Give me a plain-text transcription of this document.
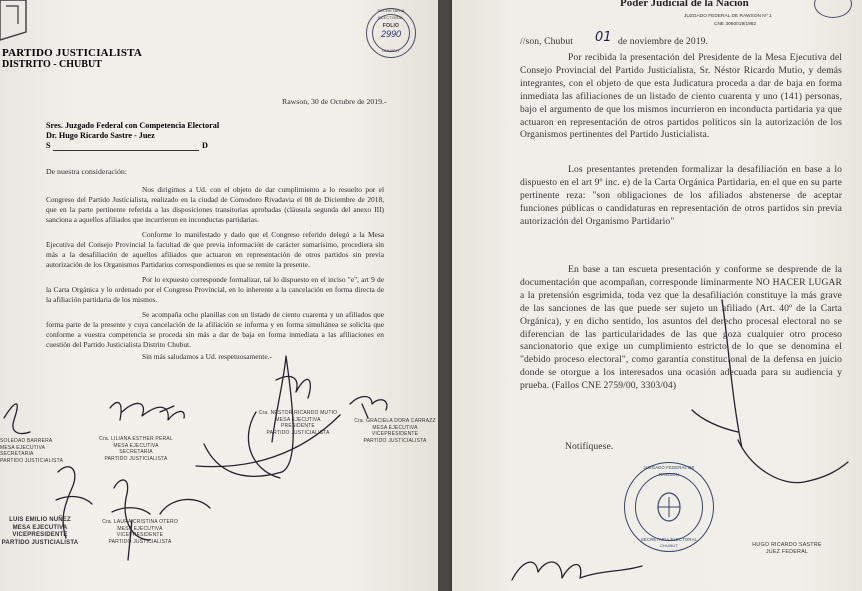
PARTIDO JUSTICIALISTA

DISTRITO - CHUBUT

SECRETARIA ELECTORAL
FOLIO
2990
CHUBUT

Rawson, 30 de Octubre de 2019.-

Sres. Juzgado Federal con Competencia Electoral

Dr. Hugo Ricardo Sastre - Juez

S	D

De nuestra consideración:

Nos dirigimos a Ud. con el objeto de dar cumplimiento a lo resuelto por el Congreso del Partido Justicialista, realizado en la ciudad de Comodoro Rivadavia el 08 de Diciembre de 2018, que en la parte pertinente referida a las disposiciones transitorias aprobadas (cláusula segunda del anexo III) sanciona a aquellos afiliados que incurrieron en inconductas partidarias.

Conforme lo manifestado y dado que el Congreso referido delegó a la Mesa Ejecutiva del Consejo Provincial la facultad de que previa información de carácter sumarísimo, procediera sin más a la desafiliación de aquellos afiliados que actuaron en representación de otros partidos sin previa autorización de los Organismos Partidarios correspondientes es que se remite la presente.

Por lo expuesto corresponde formalizar, tal lo dispuesto en el inciso "e", art 9 de la Carta Orgánica y lo ordenado por el Congreso Provincial, en lo inherente a la cancelación en forma directa de la afiliación partidaria de los mismos.

Se acompaña ocho planillas con un listado de ciento cuarenta y un afiliados que forma parte de la presente y cuya cancelación de la afiliación se informa y en forma simultánea se solicita que conforme a vuestra competencia se proceda sin más a dar de baja en forma inmediata a las afiliaciones en cuestión del Partido Justicialista Distrito Chubut.

Sin más saludamos a Ud. respetuosamente.-

SOLEDAD BARRERA
MESA EJECUTIVA
SECRETARIA
PARTIDO JUSTICIALISTA
Cra. LILIANA ESTHER PERAL
MESA EJECUTIVA
SECRETARIA
PARTIDO JUSTICIALISTA
Cra. NÉSTOR RICARDO MUTIO
MESA EJECUTIVA
PRESIDENTE
PARTIDO JUSTICIALISTA
Cra. GRACIELA DORA CARRAZZ
MESA EJECUTIVA
VICEPRESIDENTE
PARTIDO JUSTICIALISTA
LUIS EMILIO NUÑEZ
MESA EJECUTIVA
VICEPRESIDENTE
PARTIDO JUSTICIALISTA
Cra. LAURA CRISTINA OTERO
MESA EJECUTIVA
VICEPRESIDENTE
PARTIDO JUSTICIALISTA

Poder Judicial de la Nación

JUZGADO FEDERAL DE RAWSON Nº 1

CNE 3060019/1982

//son, Chubut 01 de noviembre de 2019.

Por recibida la presentación del Presidente de la Mesa Ejecutiva del Consejo Provincial del Partido Justicialista, Sr. Néstor Ricardo Mutio, y demás integrantes, con el objeto de que esta Judicatura proceda a dar de baja en forma inmediata las afiliaciones de un listado de ciento cuarenta y uno (141) personas, bajo el argumento de que los mismos incurrieron en inconducta partidaria ya que actuaron en representación de otros partidos políticos sin la autorización de los Organismos pertinentes del Partido Justicialista.

Los presentantes pretenden formalizar la desafiliación en base a lo dispuesto en el art 9º inc. e) de la Carta Orgánica Partidaria, en el que en su parte pertinente reza: "son obligaciones de los afiliados abstenerse de aceptar funciones públicas o candidaturas en representación de otros partidos sin previa autorización del Organismo Partidario"

En base a tan escueta presentación y conforme se desprende de la documentación que acompañan, corresponde liminarmente NO HACER LUGAR a la pretensión esgrimida, toda vez que la desafiliación constituye la más grave de las sanciones de las que puede ser sujeto un afiliado (Art. 40º de la Carta Orgánica), y en dicho sentido, los asuntos del derecho procesal electoral no se diferencian de las particularidades de las que goza cualquier otro proceso sancionatorio que exige un cumplimiento estricto de lo que se denomina el "debido proceso electoral", como garantía constitucional de la defensa en juicio donde se otorgue a los interesados una ocasión adecuada para su audiencia y prueba. (Fallos CNE 2759/00, 3303/04)

Notifíquese.

JUZGADO FEDERAL DE RAWSON
SECRETARIA ELECTORAL
CHUBUT	HUGO RICARDO SASTRE
JUEZ FEDERAL
